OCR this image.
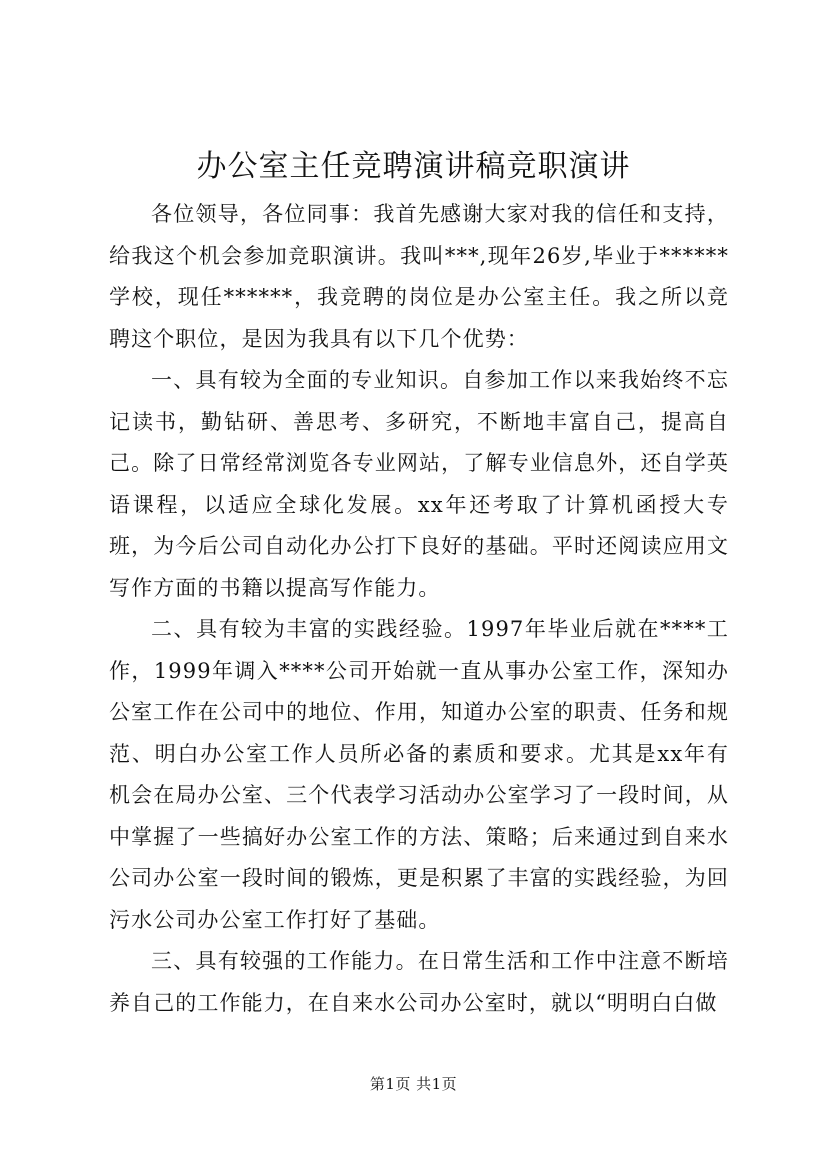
办公室主任竞聘演讲稿竞职演讲

各位领导，各位同事：我首先感谢大家对我的信任和支持，给我这个机会参加竞职演讲。我叫***,现年26岁,毕业于******学校，现任******，我竞聘的岗位是办公室主任。我之所以竞聘这个职位，是因为我具有以下几个优势：

一、具有较为全面的专业知识。自参加工作以来我始终不忘记读书，勤钻研、善思考、多研究，不断地丰富自己，提高自己。除了日常经常浏览各专业网站，了解专业信息外，还自学英语课程，以适应全球化发展。xx年还考取了计算机函授大专班，为今后公司自动化办公打下良好的基础。平时还阅读应用文写作方面的书籍以提高写作能力。

二、具有较为丰富的实践经验。1997年毕业后就在****工作，1999年调入****公司开始就一直从事办公室工作，深知办公室工作在公司中的地位、作用，知道办公室的职责、任务和规范、明白办公室工作人员所必备的素质和要求。尤其是xx年有机会在局办公室、三个代表学习活动办公室学习了一段时间，从中掌握了一些搞好办公室工作的方法、策略；后来通过到自来水公司办公室一段时间的锻炼，更是积累了丰富的实践经验，为回污水公司办公室工作打好了基础。

三、具有较强的工作能力。在日常生活和工作中注意不断培养自己的工作能力，在自来水公司办公室时，就以“明明白白做

第1页 共1页
